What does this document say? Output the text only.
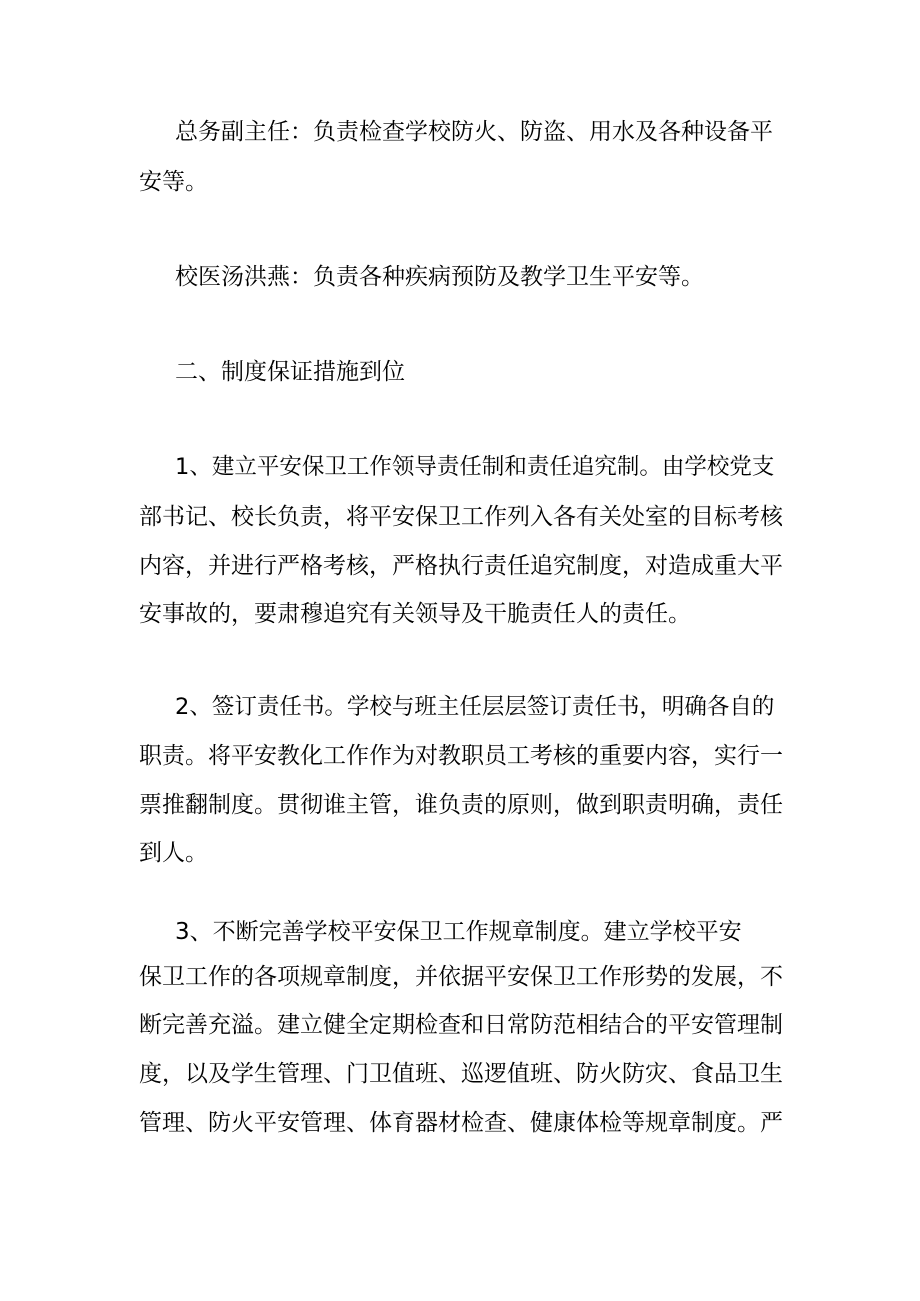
总务副主任：负责检查学校防火、防盗、用水及各种设备平

安等。

校医汤洪燕：负责各种疾病预防及教学卫生平安等。

二、制度保证措施到位

1、建立平安保卫工作领导责任制和责任追究制。由学校党支

部书记、校长负责，将平安保卫工作列入各有关处室的目标考核

内容，并进行严格考核，严格执行责任追究制度，对造成重大平

安事故的，要肃穆追究有关领导及干脆责任人的责任。

2、签订责任书。学校与班主任层层签订责任书，明确各自的

职责。将平安教化工作作为对教职员工考核的重要内容，实行一

票推翻制度。贯彻谁主管，谁负责的原则，做到职责明确，责任

到人。

3、不断完善学校平安保卫工作规章制度。建立学校平安

保卫工作的各项规章制度，并依据平安保卫工作形势的发展，不

断完善充溢。建立健全定期检查和日常防范相结合的平安管理制

度，以及学生管理、门卫值班、巡逻值班、防火防灾、食品卫生

管理、防火平安管理、体育器材检查、健康体检等规章制度。严
